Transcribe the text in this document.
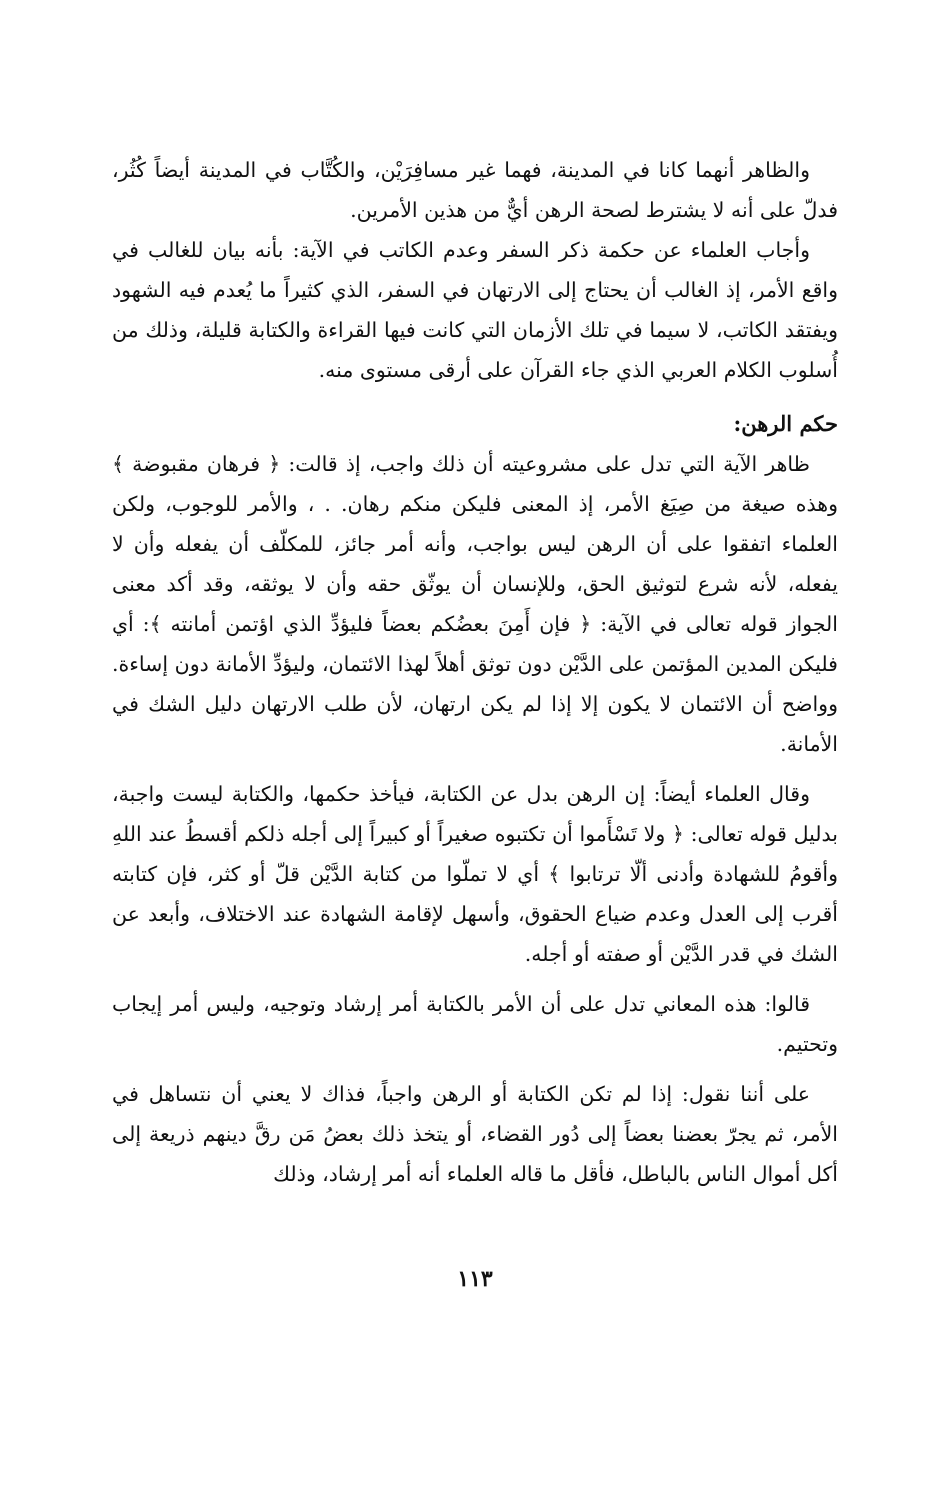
والظاهر أنهما كانا في المدينة، فهما غير مسافِرَيْن، والكُتَّاب في المدينة أيضاً كُثُر، فدلّ على أنه لا يشترط لصحة الرهن أيٌّ من هذين الأمرين.

وأجاب العلماء عن حكمة ذكر السفر وعدم الكاتب في الآية: بأنه بيان للغالب في واقع الأمر، إذ الغالب أن يحتاج إلى الارتهان في السفر، الذي كثيراً ما يُعدم فيه الشهود ويفتقد الكاتب، لا سيما في تلك الأزمان التي كانت فيها القراءة والكتابة قليلة، وذلك من أُسلوب الكلام العربي الذي جاء القرآن على أرقى مستوى منه.

حكم الرهن:

ظاهر الآية التي تدل على مشروعيته أن ذلك واجب، إذ قالت: ﴿ فرهان مقبوضة ﴾ وهذه صيغة من صِيَغ الأمر، إذ المعنى فليكن منكم رهان. . ، والأمر للوجوب، ولكن العلماء اتفقوا على أن الرهن ليس بواجب، وأنه أمر جائز، للمكلّف أن يفعله وأن لا يفعله، لأنه شرع لتوثيق الحق، وللإنسان أن يوثّق حقه وأن لا يوثقه، وقد أكد معنى الجواز قوله تعالى في الآية: ﴿ فإن أَمِنَ بعضُكم بعضاً فليؤدِّ الذي اؤتمن أمانته ﴾: أي فليكن المدين المؤتمن على الدَّيْن دون توثق أهلاً لهذا الائتمان، وليؤدِّ الأمانة دون إساءة. وواضح أن الائتمان لا يكون إلا إذا لم يكن ارتهان، لأن طلب الارتهان دليل الشك في الأمانة.

وقال العلماء أيضاً: إن الرهن بدل عن الكتابة، فيأخذ حكمها، والكتابة ليست واجبة، بدليل قوله تعالى: ﴿ ولا تَسْأَموا أن تكتبوه صغيراً أو كبيراً إلى أجله ذلكم أقسطُ عند اللهِ وأقومُ للشهادة وأدنى ألّا ترتابوا ﴾ أي لا تملّوا من كتابة الدَّيْن قلّ أو كثر، فإن كتابته أقرب إلى العدل وعدم ضياع الحقوق، وأسهل لإقامة الشهادة عند الاختلاف، وأبعد عن الشك في قدر الدَّيْن أو صفته أو أجله.

قالوا: هذه المعاني تدل على أن الأمر بالكتابة أمر إرشاد وتوجيه، وليس أمر إيجاب وتحتيم.

على أننا نقول: إذا لم تكن الكتابة أو الرهن واجباً، فذاك لا يعني أن نتساهل في الأمر، ثم يجرّ بعضنا بعضاً إلى دُور القضاء، أو يتخذ ذلك بعضُ مَن رقَّ دينهم ذريعة إلى أكل أموال الناس بالباطل، فأقل ما قاله العلماء أنه أمر إرشاد، وذلك

١١٣
